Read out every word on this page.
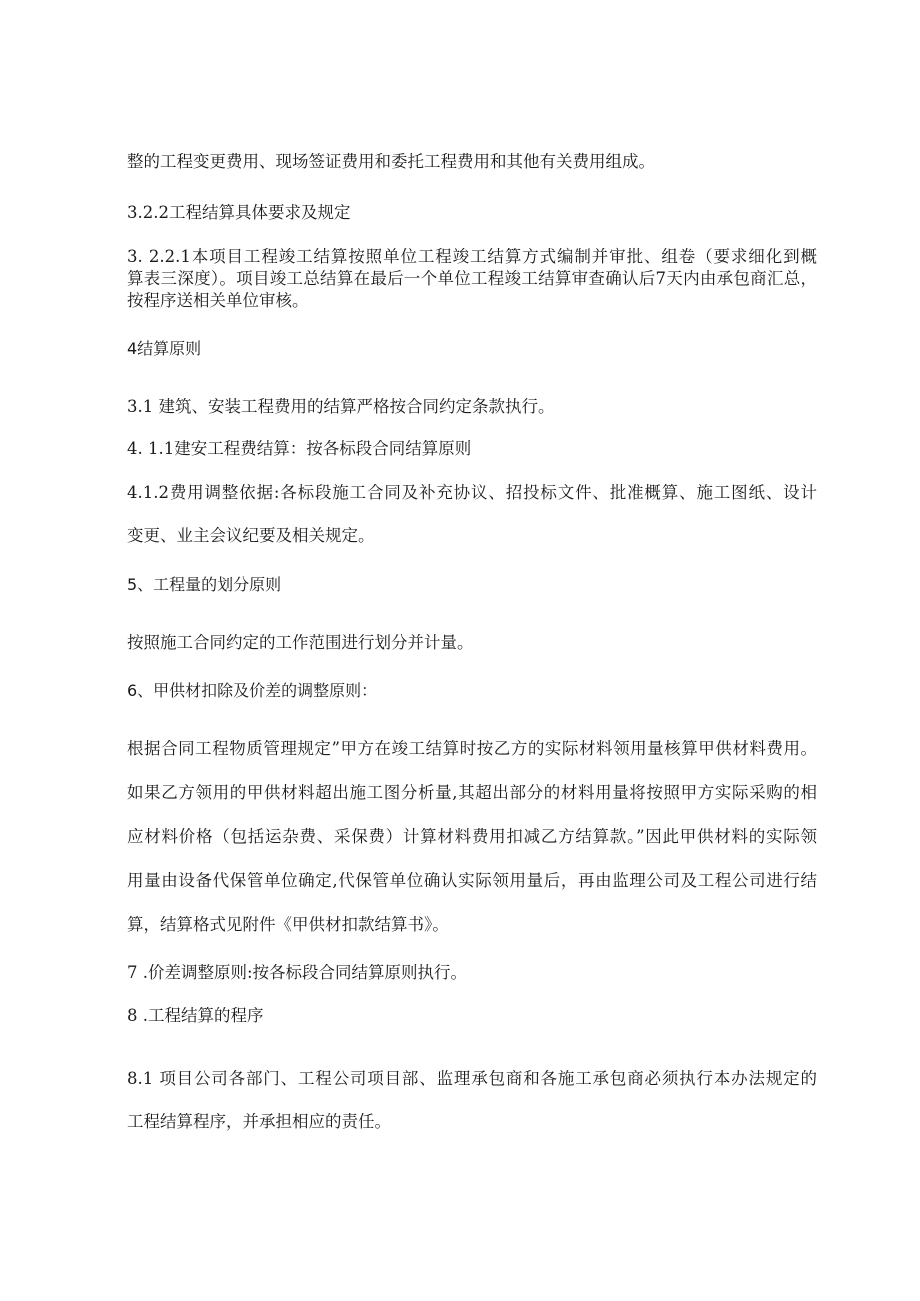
整的工程变更费用、现场签证费用和委托工程费用和其他有关费用组成。
3.2.2工程结算具体要求及规定
3. 2.2.1本项目工程竣工结算按照单位工程竣工结算方式编制并审批、组卷（要求细化到概
算表三深度）。项目竣工总结算在最后一个单位工程竣工结算审查确认后7天内由承包商汇总，
按程序送相关单位审核。
4结算原则
3.1 建筑、安装工程费用的结算严格按合同约定条款执行。
4. 1.1建安工程费结算：按各标段合同结算原则
4.1.2费用调整依据:各标段施工合同及补充协议、招投标文件、批准概算、施工图纸、设计
变更、业主会议纪要及相关规定。
5、工程量的划分原则
按照施工合同约定的工作范围进行划分并计量。
6、甲供材扣除及价差的调整原则：
根据合同工程物质管理规定”甲方在竣工结算时按乙方的实际材料领用量核算甲供材料费用。
如果乙方领用的甲供材料超出施工图分析量,其超出部分的材料用量将按照甲方实际采购的相
应材料价格（包括运杂费、采保费）计算材料费用扣减乙方结算款。”因此甲供材料的实际领
用量由设备代保管单位确定,代保管单位确认实际领用量后，再由监理公司及工程公司进行结
算，结算格式见附件《甲供材扣款结算书》。
7 .价差调整原则:按各标段合同结算原则执行。
8 .工程结算的程序
8.1 项目公司各部门、工程公司项目部、监理承包商和各施工承包商必须执行本办法规定的
工程结算程序，并承担相应的责任。
